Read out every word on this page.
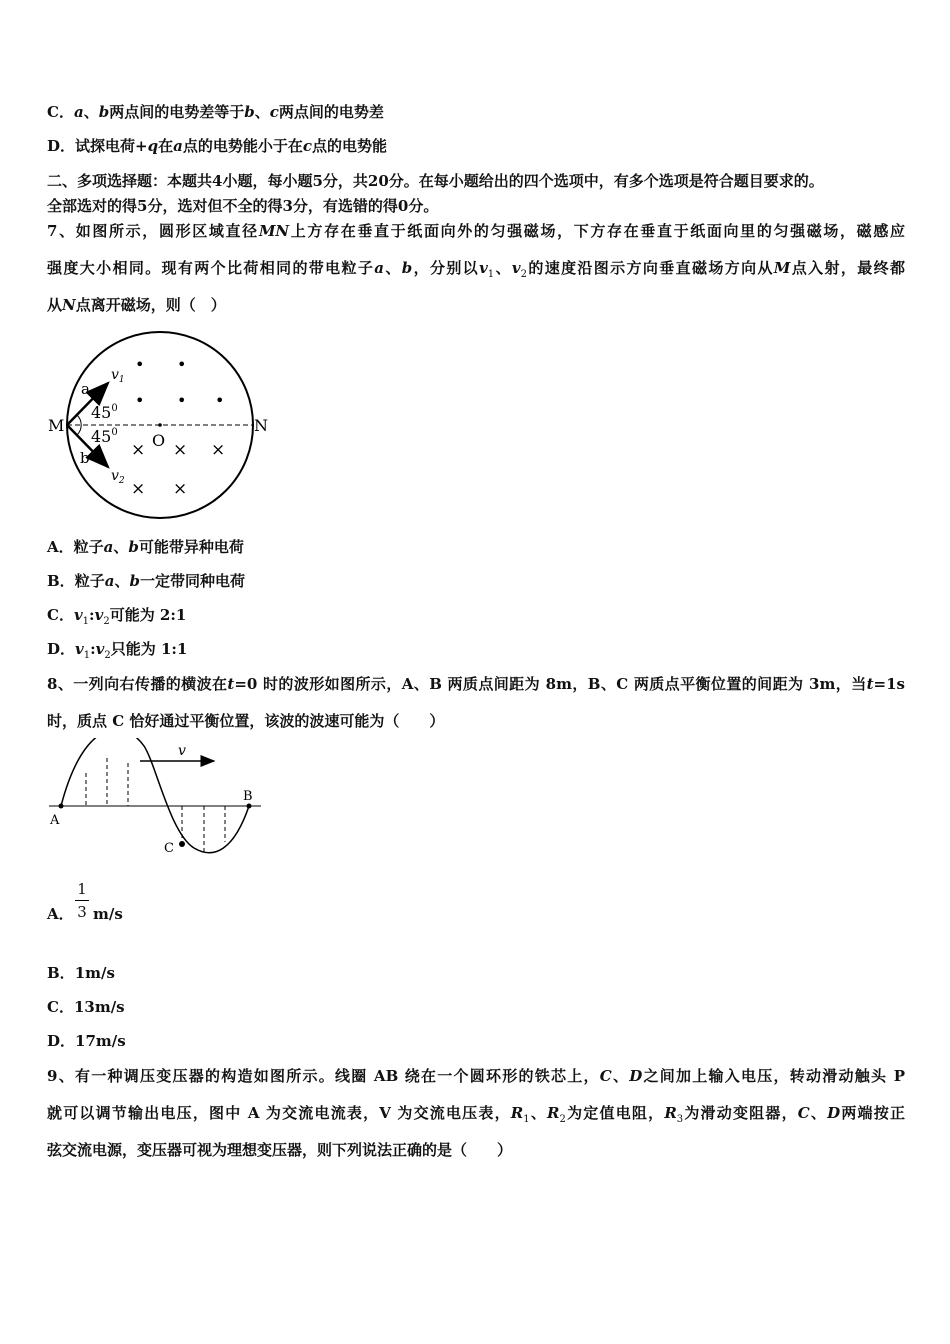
C．a、b两点间的电势差等于b、c两点间的电势差
D．试探电荷+q在a点的电势能小于在c点的电势能
二、多项选择题：本题共4小题，每小题5分，共20分。在每小题给出的四个选项中，有多个选项是符合题目要求的。
全部选对的得5分，选对但不全的得3分，有选错的得0分。
7、如图所示，圆形区域直径MN上方存在垂直于纸面向外的匀强磁场，下方存在垂直于纸面向里的匀强磁场，磁感应
强度大小相同。现有两个比荷相同的带电粒子a、b，分别以$v_1$、$v_2$的速度沿图示方向垂直磁场方向从M点入射，最终都
从N点离开磁场，则（　）
M	N
O
a
b
$v_1$
$v_2$
$45^0$
$45^0$
• •
• • •
× × ×
× ×
A．粒子a、b可能带异种电荷
B．粒子a、b一定带同种电荷
C．$v_1:v_2$可能为 2:1
D．$v_1:v_2$只能为 1:1
8、一列向右传播的横波在t=0 时的波形如图所示，A、B 两质点间距为 8m，B、C 两质点平衡位置的间距为 3m，当t=1s
时，质点 C 恰好通过平衡位置，该波的波速可能为（　　）
v
A
B
C
A．
1
3 m/s
B．1m/s
C．13m/s
D．17m/s
9、有一种调压变压器的构造如图所示。线圈 AB 绕在一个圆环形的铁芯上，C、D之间加上输入电压，转动滑动触头 P
就可以调节输出电压，图中 A 为交流电流表，V 为交流电压表，$R_1$、$R_2$为定值电阻，$R_3$为滑动变阻器，C、D两端按正
弦交流电源，变压器可视为理想变压器，则下列说法正确的是（　　）
